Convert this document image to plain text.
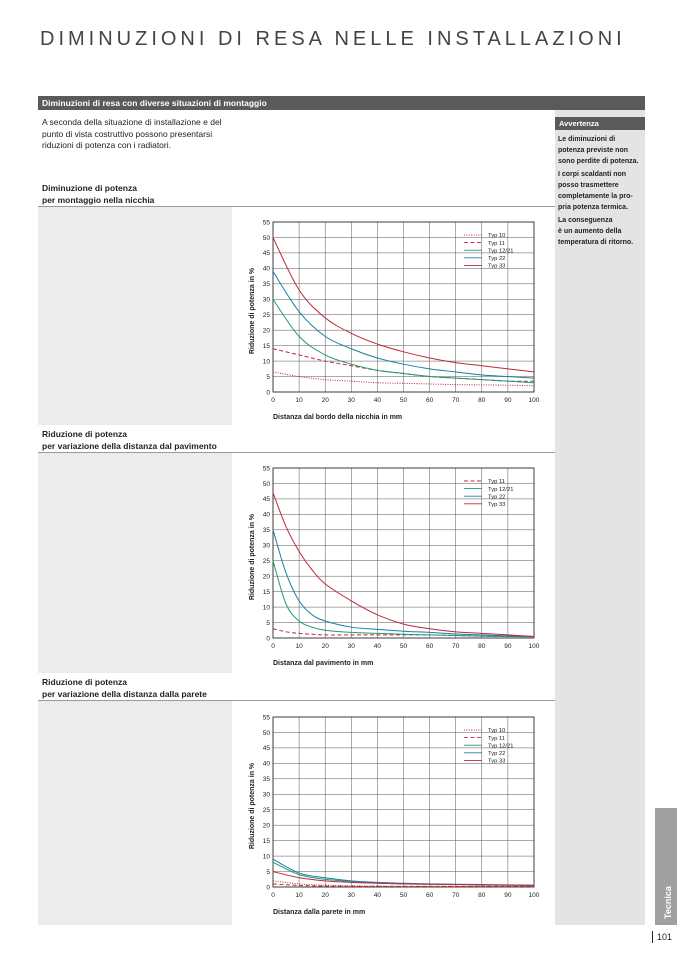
DIMINUZIONI DI RESA NELLE INSTALLAZIONI
Diminuzioni di resa con diverse situazioni di montaggio
A seconda della situazione di installazione e del
punto di vista costruttivo possono presentarsi
riduzioni di potenza con i radiatori.
Diminuzione di potenza
per montaggio nella nicchia
Riduzione di potenza
per variazione della distanza dal pavimento
Riduzione di potenza
per variazione della distanza dalla parete
Avvertenza
Le diminuzioni di
potenza previste non
sono perdite di potenza.
I corpi scaldanti non
posso trasmettere
completamente la pro-
pria potenza termica.
La conseguenza
è un aumento della
temperatura di ritorno.
0	10	20	30	40	50	60	70	80	90	100
0
5
10
15
20
25
30
35
40
45
50
55
Distanza dal bordo della nicchia in mm
Riduzione di potenza in %
Typ 10
Typ 11
Typ 12/21
Typ 22
Typ 33
0	10	20	30	40	50	60	70	80	90	100
0
5
10
15
20
25
30
35
40
45
50
55
Distanza dal pavimento in mm
Riduzione di potenza in %
Typ 11
Typ 12/21
Typ 22
Typ 33
0	10	20	30	40	50	60	70	80	90	100
0
5
10
15
20
25
30
35
40
45
50
55
Distanza dalla parete in mm
Riduzione di potenza in %
Typ 10
Typ 11
Typ 12/21
Typ 22
Typ 33
Tecnica
101
